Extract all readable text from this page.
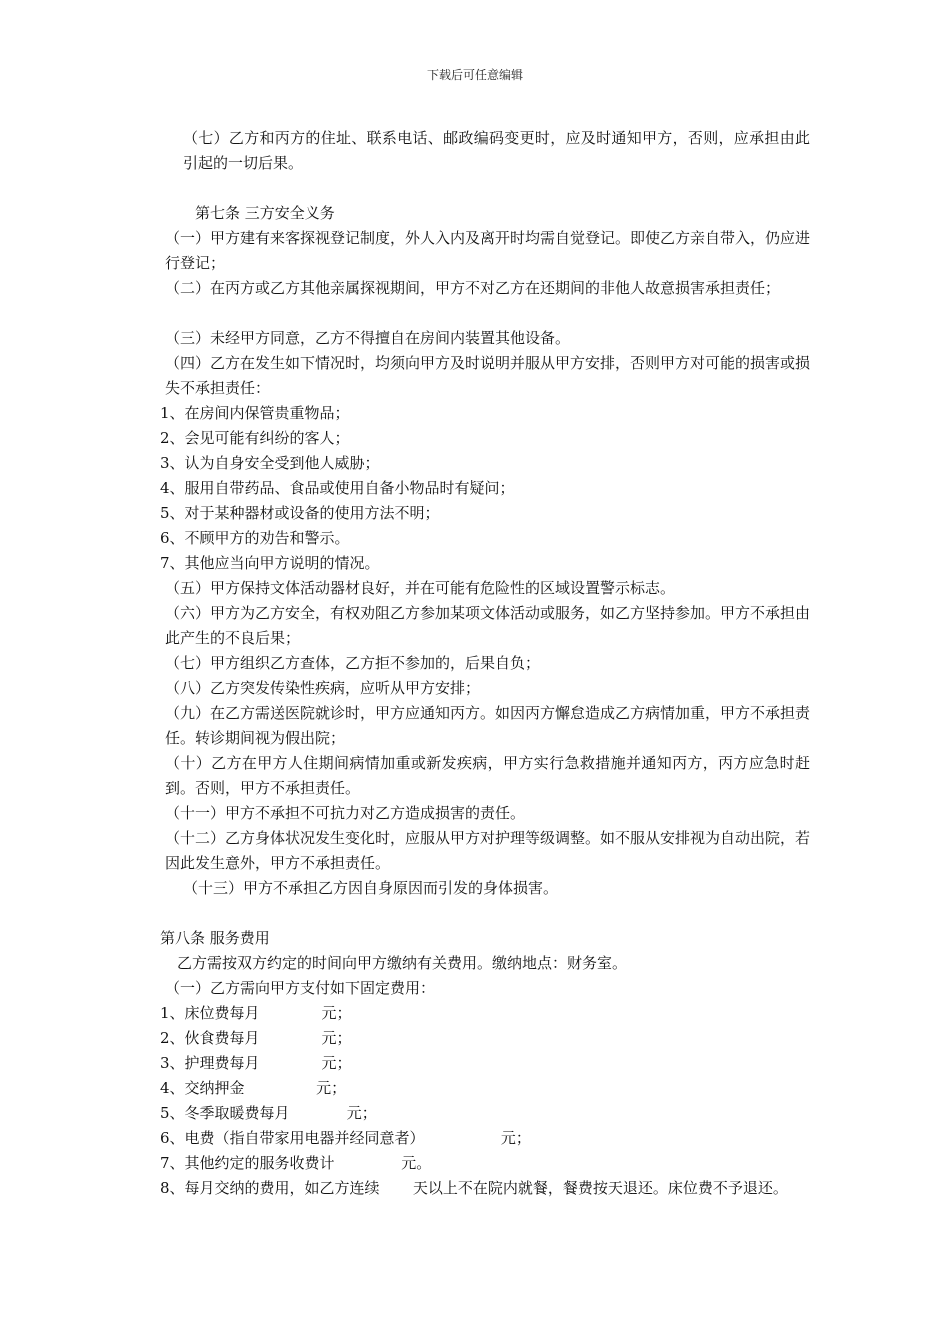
下载后可任意编辑
（七）乙方和丙方的住址、联系电话、邮政编码变更时，应及时通知甲方，否则，应承担由此引起的一切后果。
第七条 三方安全义务
（一）甲方建有来客探视登记制度，外人入内及离开时均需自觉登记。即使乙方亲自带入，仍应进行登记；
（二）在丙方或乙方其他亲属探视期间，甲方不对乙方在还期间的非他人故意损害承担责任；
（三）未经甲方同意，乙方不得擅自在房间内装置其他设备。
（四）乙方在发生如下情况时，均须向甲方及时说明并服从甲方安排，否则甲方对可能的损害或损失不承担责任：
1、在房间内保管贵重物品；
2、会见可能有纠纷的客人；
3、认为自身安全受到他人威胁；
4、服用自带药品、食品或使用自备小物品时有疑问；
5、对于某种器材或设备的使用方法不明；
6、不顾甲方的劝告和警示。
7、其他应当向甲方说明的情况。
（五）甲方保持文体活动器材良好，并在可能有危险性的区域设置警示标志。
（六）甲方为乙方安全，有权劝阻乙方参加某项文体活动或服务，如乙方坚持参加。甲方不承担由此产生的不良后果；
（七）甲方组织乙方查体，乙方拒不参加的，后果自负；
（八）乙方突发传染性疾病，应听从甲方安排；
（九）在乙方需送医院就诊时，甲方应通知丙方。如因丙方懈怠造成乙方病情加重，甲方不承担责任。转诊期间视为假出院；
（十）乙方在甲方人住期间病情加重或新发疾病，甲方实行急救措施并通知丙方，丙方应急时赶到。否则，甲方不承担责任。
（十一）甲方不承担不可抗力对乙方造成损害的责任。
（十二）乙方身体状况发生变化时，应服从甲方对护理等级调整。如不服从安排视为自动出院，若因此发生意外，甲方不承担责任。
（十三）甲方不承担乙方因自身原因而引发的身体损害。
第八条 服务费用
乙方需按双方约定的时间向甲方缴纳有关费用。缴纳地点：财务室。
（一）乙方需向甲方支付如下固定费用：
1、床位费每月             元；
2、伙食费每月             元；
3、护理费每月             元；
4、交纳押金               元；
5、冬季取暖费每月            元；
6、电费（指自带家用电器并经同意者）                元；
7、其他约定的服务收费计              元。
8、每月交纳的费用，如乙方连续       天以上不在院内就餐，餐费按天退还。床位费不予退还。
